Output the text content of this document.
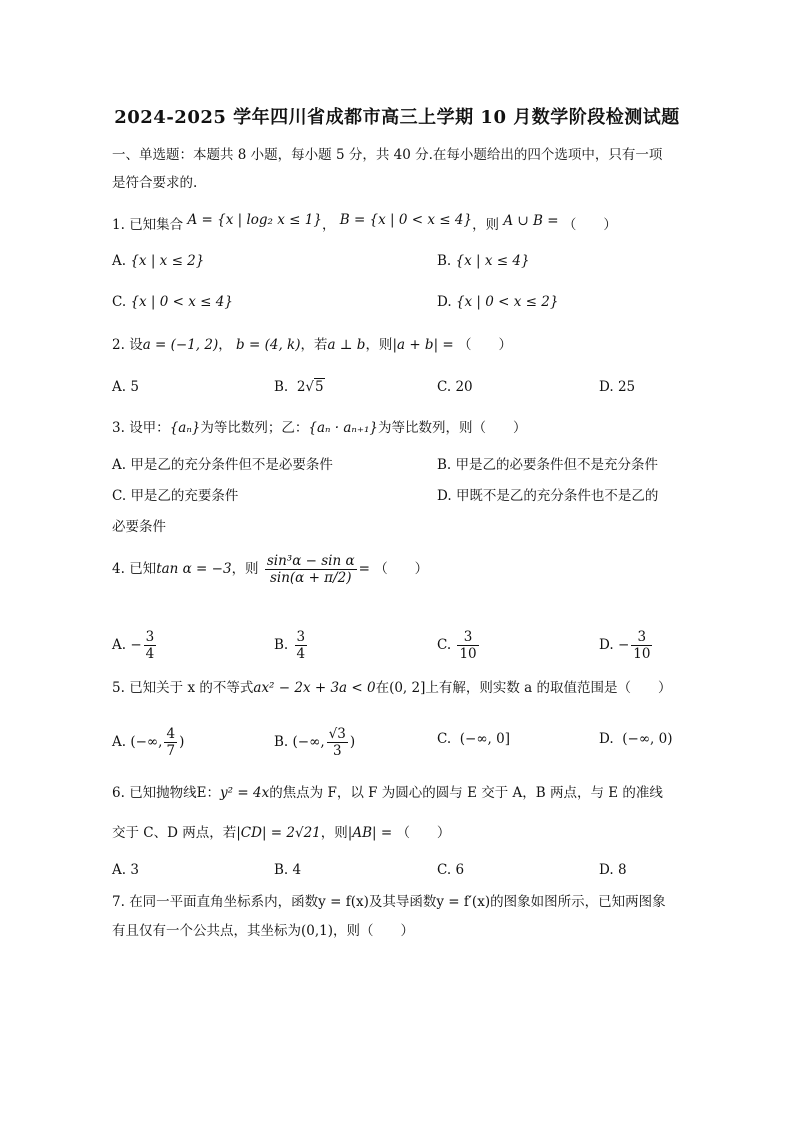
2024-2025 学年四川省成都市高三上学期 10 月数学阶段检测试题
一、单选题：本题共 8 小题，每小题 5 分，共 40 分.在每小题给出的四个选项中，只有一项
是符合要求的.
1. 已知集合 A = {x | log₂ x ≤ 1}， B = {x | 0 < x ≤ 4}，则 A ∪ B = （　　）
A. {x | x ≤ 2}	B. {x | x ≤ 4}
C. {x | 0 < x ≤ 4}	D. {x | 0 < x ≤ 2}
2. 设a = (−1, 2)， b = (4, k)，若a ⊥ b，则|a + b| = （　　）
A. 5	B. 2√5	C. 20	D. 25
3. 设甲：{aₙ}为等比数列；乙：{aₙ · aₙ₊₁}为等比数列，则（　　）
A. 甲是乙的充分条件但不是必要条件	B. 甲是乙的必要条件但不是充分条件
C. 甲是乙的充要条件	D. 甲既不是乙的充分条件也不是乙的
必要条件
4. 已知tan α = −3，则 $\frac{\text{sin³α − sin α}}{\sin(\alpha + \pi/2)}$ = （　　）
A. − $\frac{3}{4}$	B. $\frac{3}{4}$	C. $\frac{3}{10}$	D. − $\frac{3}{10}$
5. 已知关于 x 的不等式ax² − 2x + 3a < 0在(0, 2]上有解，则实数 a 的取值范围是（　　）
A. (−∞, $\frac{4}{7}$ )	B. (−∞, $\frac{√3}{3}$ )	C. (−∞, 0]	D. (−∞, 0)
6. 已知抛物线E：y² = 4x的焦点为 F，以 F 为圆心的圆与 E 交于 A，B 两点，与 E 的准线
交于 C、D 两点，若|CD| = 2√21，则|AB| = （　　）
A. 3	B. 4	C. 6	D. 8
7. 在同一平面直角坐标系内，函数y = f(x)及其导函数y = f′(x)的图象如图所示，已知两图象
有且仅有一个公共点，其坐标为(0,1)，则（　　）
